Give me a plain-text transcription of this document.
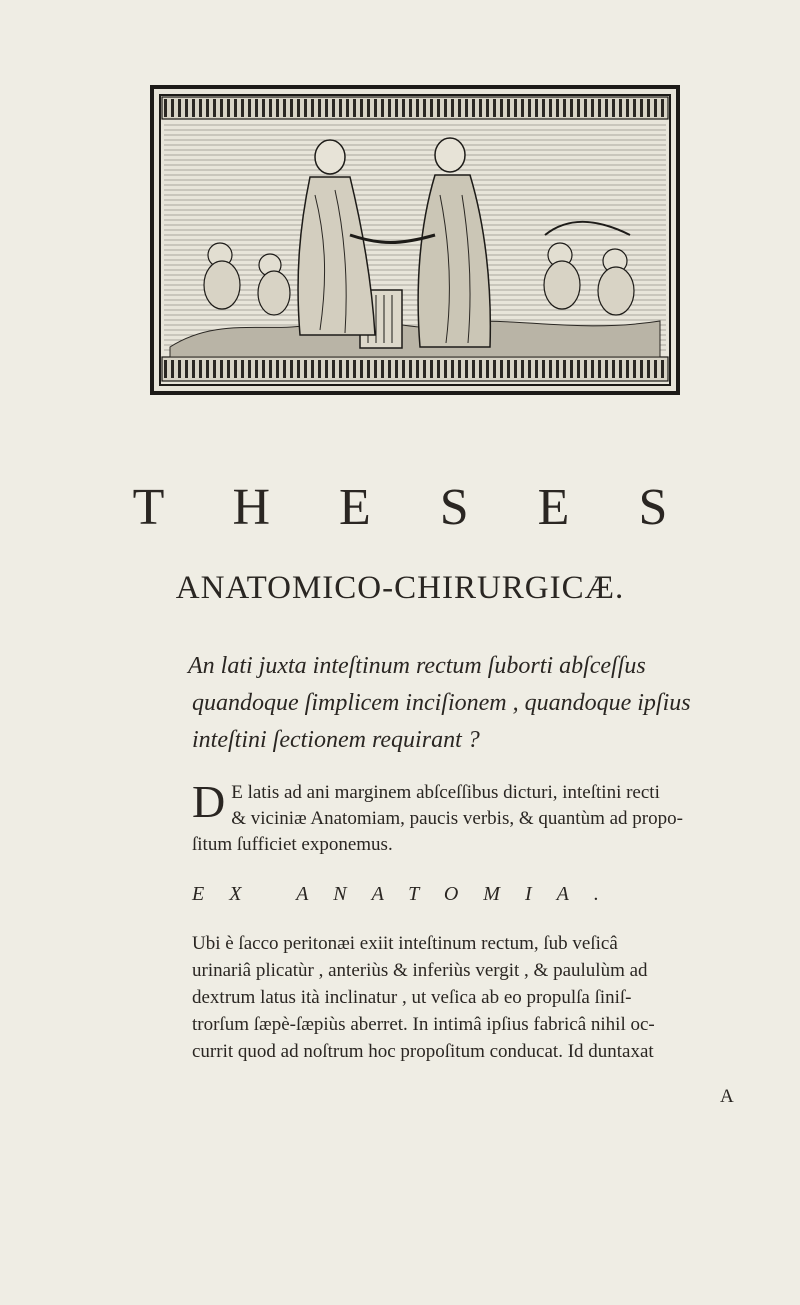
T H E S E S
ANATOMICO-CHIRURGICÆ.
An lati juxta inteſtinum rectum ſuborti abſceſſus
quandoque ſimplicem inciſionem , quandoque ipſius
inteſtini ſectionem requirant ?
D E latis ad ani marginem abſceſſibus dicturi, inteſtini recti
& viciniæ Anatomiam, paucis verbis, & quantùm ad propo-
ſitum ſufficiet exponemus.
EX ANATOMIA.
Ubi è ſacco peritonæi exiit inteſtinum rectum, ſub veſicâ
urinariâ plicatùr , anteriùs & inferiùs vergit , & paululùm ad
dextrum latus ità inclinatur , ut veſica ab eo propulſa ſiniſ-
trorſum ſæpè-ſæpiùs aberret. In intimâ ipſius fabricâ nihil oc-
currit quod ad noſtrum hoc propoſitum conducat. Id duntaxat
A
